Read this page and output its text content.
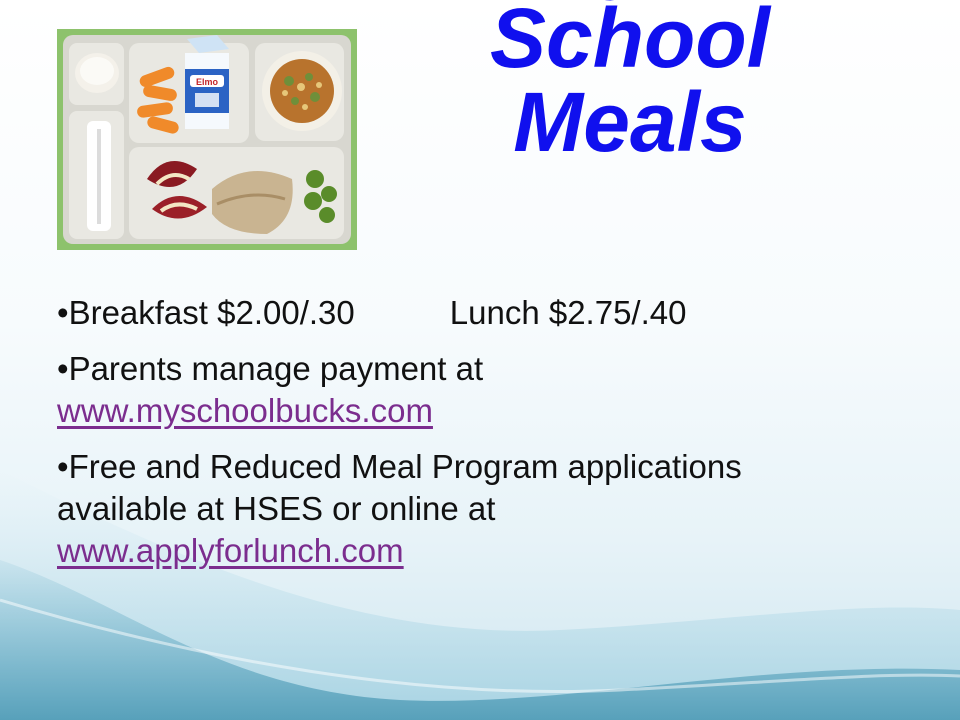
Elmo	School
Meals
• Breakfast $2.00/.30	Lunch $2.75/.40
•Parents manage payment at
www.myschoolbucks.com
•Free and Reduced Meal Program applications
available at HSES or online at
www.applyforlunch.com
